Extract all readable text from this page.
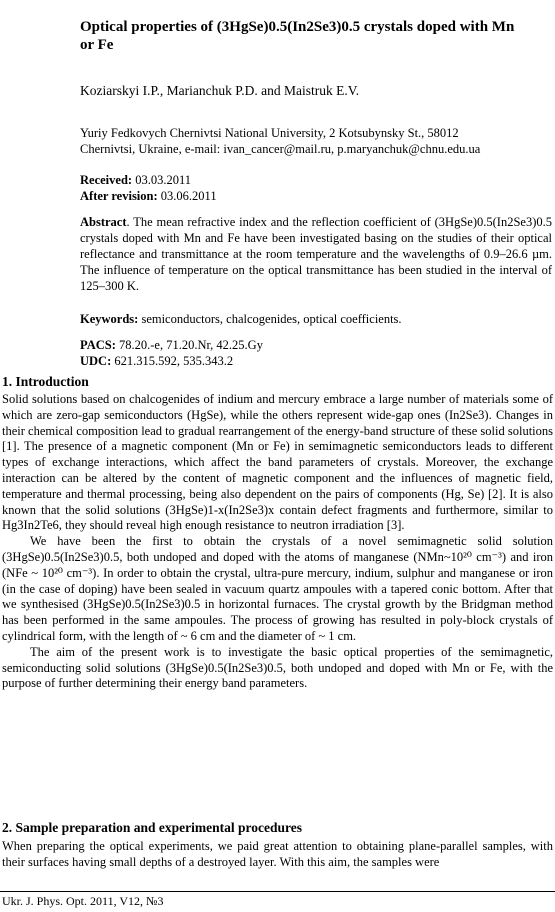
Optical properties of (3HgSe)0.5(In2Se3)0.5 crystals doped with Mn or Fe
Koziarskyi I.P., Marianchuk P.D. and Maistruk E.V.
Yuriy Fedkovych Chernivtsi National University, 2 Kotsubynsky St., 58012
Chernivtsi, Ukraine, e-mail: ivan_cancer@mail.ru, p.maryanchuk@chnu.edu.ua
Received: 03.03.2011
After revision: 03.06.2011
Abstract. The mean refractive index and the reflection coefficient of (3HgSe)0.5(In2Se3)0.5 crystals doped with Mn and Fe have been investigated basing on the studies of their optical reflectance and transmittance at the room temperature and the wavelengths of 0.9–26.6 µm. The influence of temperature on the optical transmittance has been studied in the interval of 125–300 K.
Keywords: semiconductors, chalcogenides, optical coefficients.
PACS: 78.20.-e, 71.20.Nr, 42.25.Gy
UDC: 621.315.592, 535.343.2
1. Introduction

Solid solutions based on chalcogenides of indium and mercury embrace a large number of materials some of which are zero-gap semiconductors (HgSe), while the others represent wide-gap ones (In2Se3). Changes in their chemical composition lead to gradual rearrangement of the energy-band structure of these solid solutions [1]. The presence of a magnetic component (Mn or Fe) in semimagnetic semiconductors leads to different types of exchange interactions, which affect the band parameters of crystals. Moreover, the exchange interaction can be altered by the content of magnetic component and the influences of magnetic field, temperature and thermal processing, being also dependent on the pairs of components (Hg, Se) [2]. It is also known that the solid solutions (3HgSe)1-x(In2Se3)x contain defect fragments and furthermore, similar to Hg3In2Te6, they should reveal high enough resistance to neutron irradiation [3].

We have been the first to obtain the crystals of a novel semimagnetic solid solution (3HgSe)0.5(In2Se3)0.5, both undoped and doped with the atoms of manganese (NMn~10²⁰ cm⁻³) and iron (NFe ~ 10²⁰ cm⁻³). In order to obtain the crystal, ultra-pure mercury, indium, sulphur and manganese or iron (in the case of doping) have been sealed in vacuum quartz ampoules with a tapered conic bottom. After that we synthesised (3HgSe)0.5(In2Se3)0.5 in horizontal furnaces. The crystal growth by the Bridgman method has been performed in the same ampoules. The process of growing has resulted in poly-block crystals of cylindrical form, with the length of ~ 6 cm and the diameter of ~ 1 cm.

The aim of the present work is to investigate the basic optical properties of the semimagnetic, semiconducting solid solutions (3HgSe)0.5(In2Se3)0.5, both undoped and doped with Mn or Fe, with the purpose of further determining their energy band parameters.

2. Sample preparation and experimental procedures

When preparing the optical experiments, we paid great attention to obtaining plane-parallel samples, with their surfaces having small depths of a destroyed layer. With this aim, the samples were

Ukr. J. Phys. Opt. 2011, V12, №3
